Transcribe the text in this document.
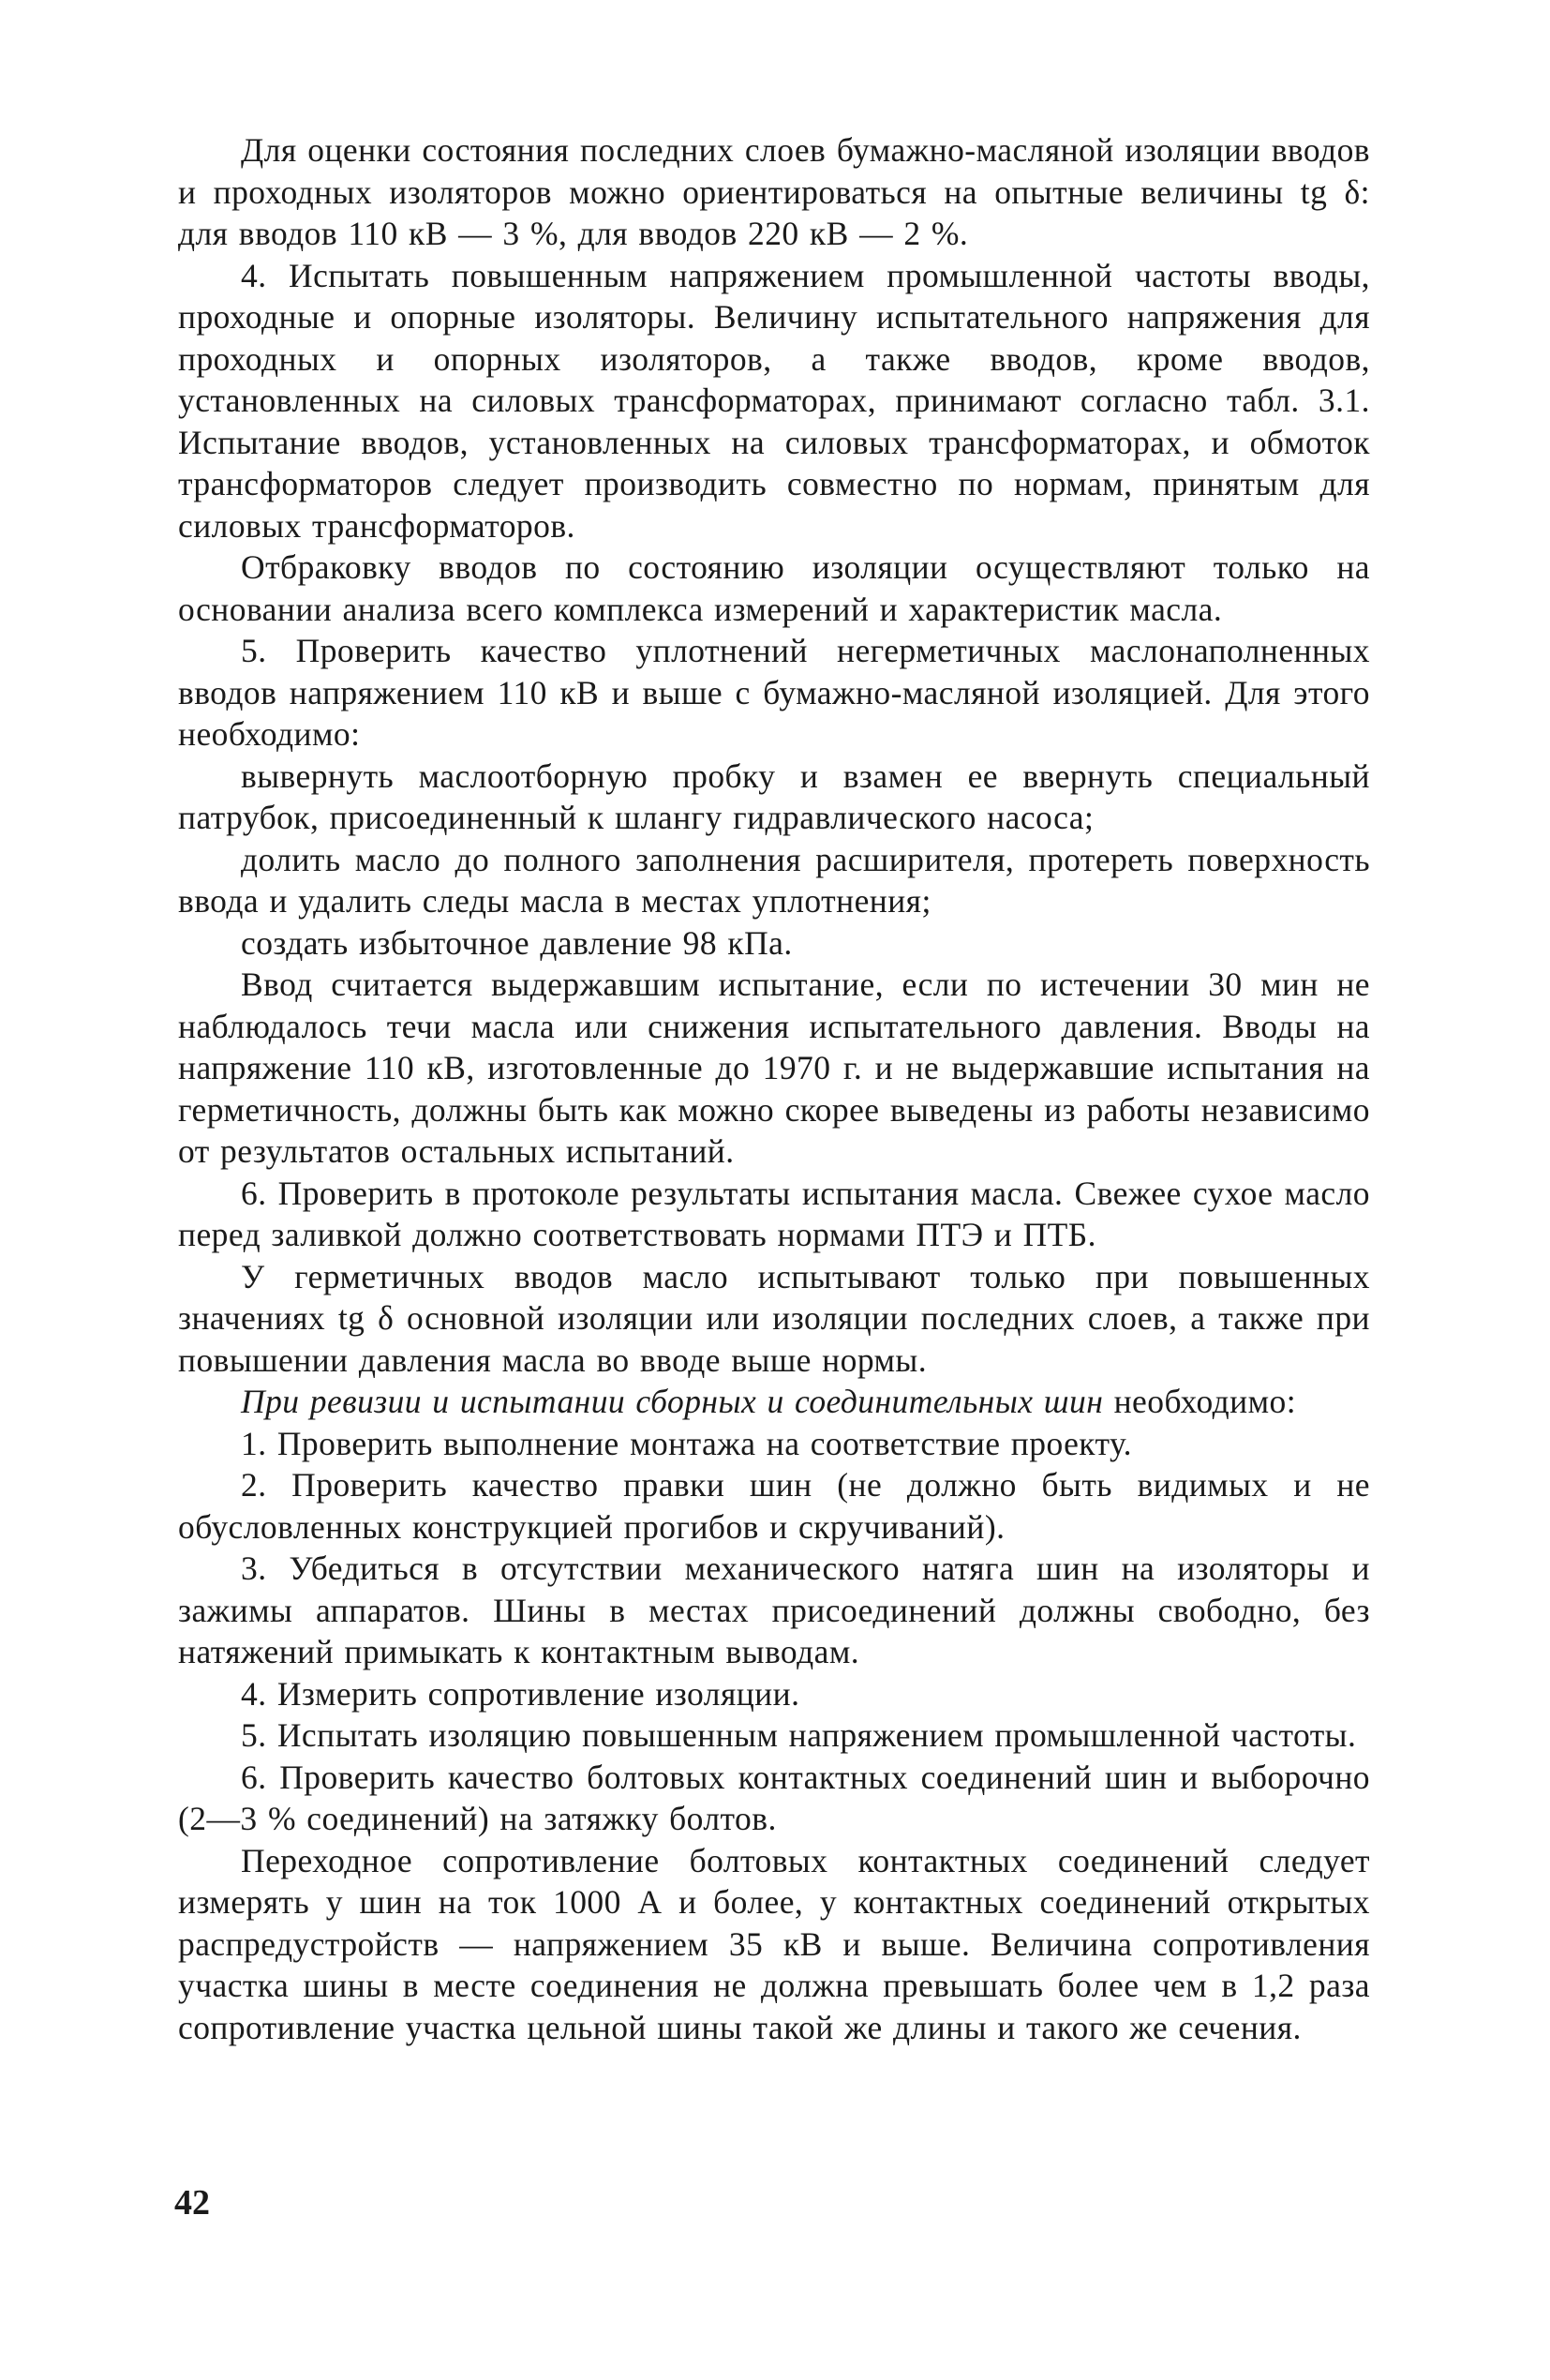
Для оценки состояния последних слоев бумажно-масляной изоляции вводов и проходных изоляторов можно ориентироваться на опытные величины tg δ: для вводов 110 кВ — 3 %, для вводов 220 кВ — 2 %.

4. Испытать повышенным напряжением промышленной частоты вводы, проходные и опорные изоляторы. Величину испытательного напряжения для проходных и опорных изоляторов, а также вводов, кроме вводов, установленных на силовых трансформаторах, принимают согласно табл. 3.1. Испытание вводов, установленных на силовых трансформаторах, и обмоток трансформаторов следует производить совместно по нормам, принятым для силовых трансформаторов.

Отбраковку вводов по состоянию изоляции осуществляют только на основании анализа всего комплекса измерений и характеристик масла.

5. Проверить качество уплотнений негерметичных маслонаполненных вводов напряжением 110 кВ и выше с бумажно-масляной изоляцией. Для этого необходимо:

вывернуть маслоотборную пробку и взамен ее ввернуть специальный патрубок, присоединенный к шлангу гидравлического насоса;

долить масло до полного заполнения расширителя, протереть поверхность ввода и удалить следы масла в местах уплотнения;

создать избыточное давление 98 кПа.

Ввод считается выдержавшим испытание, если по истечении 30 мин не наблюдалось течи масла или снижения испытательного давления. Вводы на напряжение 110 кВ, изготовленные до 1970 г. и не выдержавшие испытания на герметичность, должны быть как можно скорее выведены из работы независимо от результатов остальных испытаний.

6. Проверить в протоколе результаты испытания масла. Свежее сухое масло перед заливкой должно соответствовать нормами ПТЭ и ПТБ.

У герметичных вводов масло испытывают только при повышенных значениях tg δ основной изоляции или изоляции последних слоев, а также при повышении давления масла во вводе выше нормы.

При ревизии и испытании сборных и соединительных шин необходимо:

1. Проверить выполнение монтажа на соответствие проекту.

2. Проверить качество правки шин (не должно быть видимых и не обусловленных конструкцией прогибов и скручиваний).

3. Убедиться в отсутствии механического натяга шин на изоляторы и зажимы аппаратов. Шины в местах присоединений должны свободно, без натяжений примыкать к контактным выводам.

4. Измерить сопротивление изоляции.

5. Испытать изоляцию повышенным напряжением промышленной частоты.

6. Проверить качество болтовых контактных соединений шин и выборочно (2—3 % соединений) на затяжку болтов.

Переходное сопротивление болтовых контактных соединений следует измерять у шин на ток 1000 А и более, у контактных соединений открытых распредустройств — напряжением 35 кВ и выше. Величина сопротивления участка шины в месте соединения не должна превышать более чем в 1,2 раза сопротивление участка цельной шины такой же длины и такого же сечения.

42
